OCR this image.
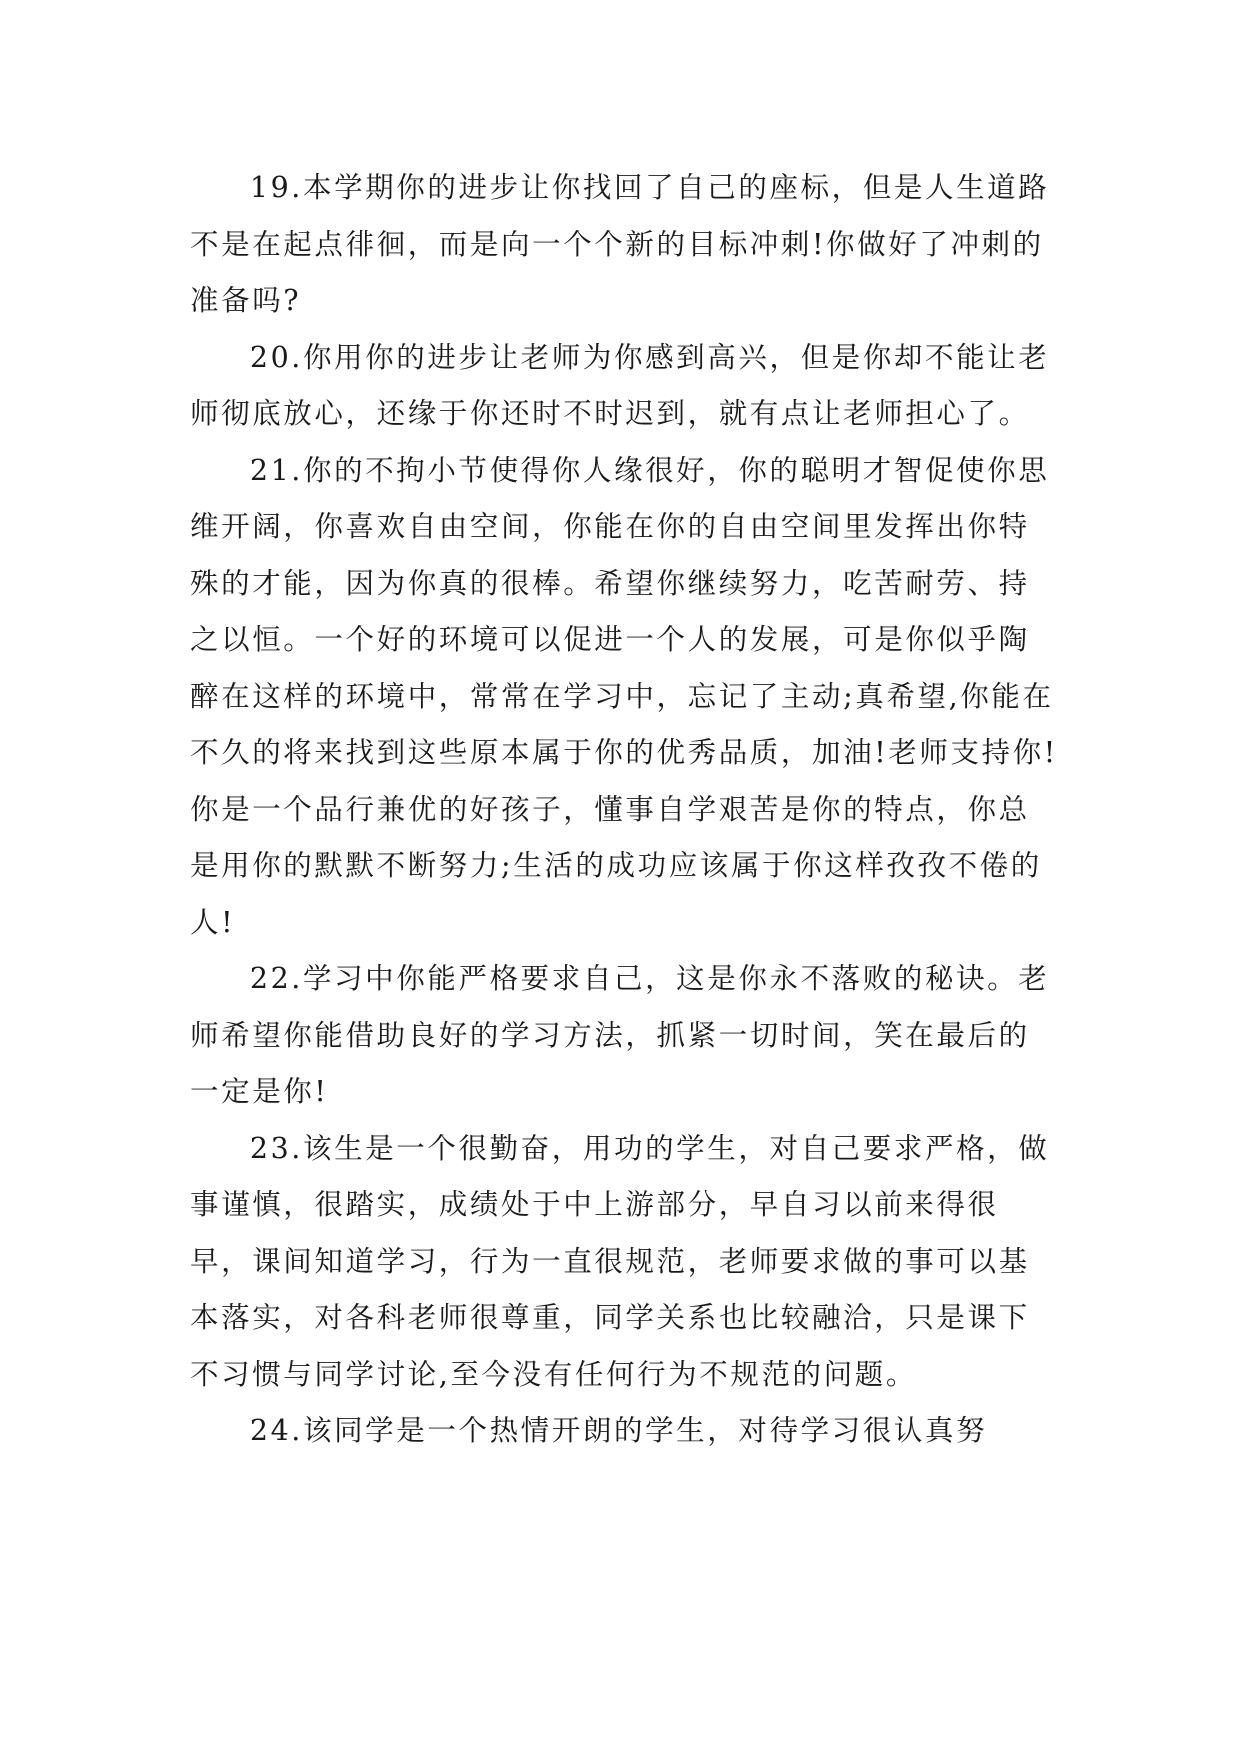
19.本学期你的进步让你找回了自己的座标，但是人生道路不是在起点徘徊，而是向一个个新的目标冲刺!你做好了冲刺的准备吗?

20.你用你的进步让老师为你感到高兴，但是你却不能让老师彻底放心，还缘于你还时不时迟到，就有点让老师担心了。

21.你的不拘小节使得你人缘很好，你的聪明才智促使你思维开阔，你喜欢自由空间，你能在你的自由空间里发挥出你特殊的才能，因为你真的很棒。希望你继续努力，吃苦耐劳、持之以恒。一个好的环境可以促进一个人的发展，可是你似乎陶醉在这样的环境中，常常在学习中，忘记了主动;真希望,你能在不久的将来找到这些原本属于你的优秀品质，加油!老师支持你!你是一个品行兼优的好孩子，懂事自学艰苦是你的特点，你总是用你的默默不断努力;生活的成功应该属于你这样孜孜不倦的人!

22.学习中你能严格要求自己，这是你永不落败的秘诀。老师希望你能借助良好的学习方法，抓紧一切时间，笑在最后的一定是你!

23.该生是一个很勤奋，用功的学生，对自己要求严格，做事谨慎，很踏实，成绩处于中上游部分，早自习以前来得很早，课间知道学习，行为一直很规范，老师要求做的事可以基本落实，对各科老师很尊重，同学关系也比较融洽，只是课下不习惯与同学讨论,至今没有任何行为不规范的问题。

24.该同学是一个热情开朗的学生，对待学习很认真努
